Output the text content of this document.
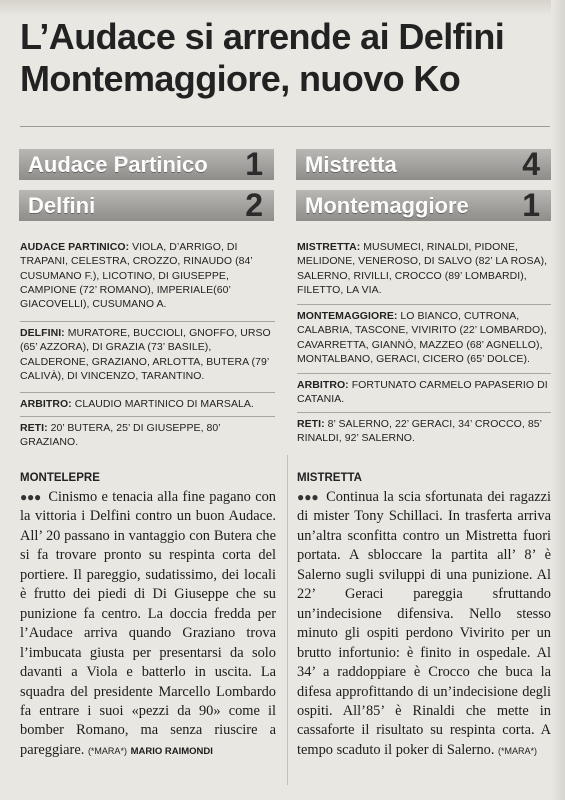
L’Audace si arrende ai Delfini
Montemaggiore, nuovo Ko
Audace Partinico 1
Delfini	2
AUDACE PARTINICO: VIOLA, D’ARRIGO, DI TRAPANI, CELESTRA, CROZZO, RINAUDO (84’ CUSUMANO F.), LICOTINO, DI GIUSEPPE, CAMPIONE (72’ ROMANO), IMPERIALE(60’ GIACOVELLI), CUSUMANO A.
DELFINI: MURATORE, BUCCIOLI, GNOFFO, URSO (65’ AZZORA), DI GRAZIA (73’ BASILE), CALDERONE, GRAZIANO, ARLOTTA, BUTERA (79’ CALIVÀ), DI VINCENZO, TARANTINO.
ARBITRO: CLAUDIO MARTINICO DI MARSALA.
RETI: 20’ BUTERA, 25’ DI GIUSEPPE, 80’ GRAZIANO.
MONTELEPRE

●●● Cinismo e tenacia alla fine pagano con la vittoria i Delfini contro un buon Audace. All’ 20 passano in vantaggio con Butera che si fa trovare pronto su respinta corta del portiere. Il pareggio, sudatissimo, dei locali è frutto dei piedi di Di Giuseppe che su punizione fa centro. La doccia fredda per l’Audace arriva quando Graziano trova l’imbucata giusta per presentarsi da solo davanti a Viola e batterlo in uscita. La squadra del presidente Marcello Lombardo fa entrare i suoi «pezzi da 90» come il bomber Romano, ma senza riuscire a pareggiare. (*MARA*) MARIO RAIMONDI

Mistretta	4
Montemaggiore 1
MISTRETTA: MUSUMECI, RINALDI, PIDONE, MELIDONE, VENEROSO, DI SALVO (82’ LA ROSA), SALERNO, RIVILLI, CROCCO (89’ LOMBARDI), FILETTO, LA VIA.
MONTEMAGGIORE: LO BIANCO, CUTRONA, CALABRIA, TASCONE, VIVIRITO (22’ LOMBARDO), CAVARRETTA, GIANNÒ, MAZZEO (68’ AGNELLO), MONTALBANO, GERACI, CICERO (65’ DOLCE).
ARBITRO: FORTUNATO CARMELO PAPASERIO DI CATANIA.
RETI: 8’ SALERNO, 22’ GERACI, 34’ CROCCO, 85’ RINALDI, 92’ SALERNO.
MISTRETTA

●●● Continua la scia sfortunata dei ragazzi di mister Tony Schillaci. In trasferta arriva un’altra sconfitta contro un Mistretta fuori portata. A sbloccare la partita all’ 8’ è Salerno sugli sviluppi di una punizione. Al 22’ Geraci pareggia sfruttando un’indecisione difensiva. Nello stesso minuto gli ospiti perdono Vivirito per un brutto infortunio: è finito in ospedale. Al 34’ a raddoppiare è Crocco che buca la difesa approfittando di un’indecisione degli ospiti. All’85’ è Rinaldi che mette in cassaforte il risultato su respinta corta. A tempo scaduto il poker di Salerno. (*MARA*)
